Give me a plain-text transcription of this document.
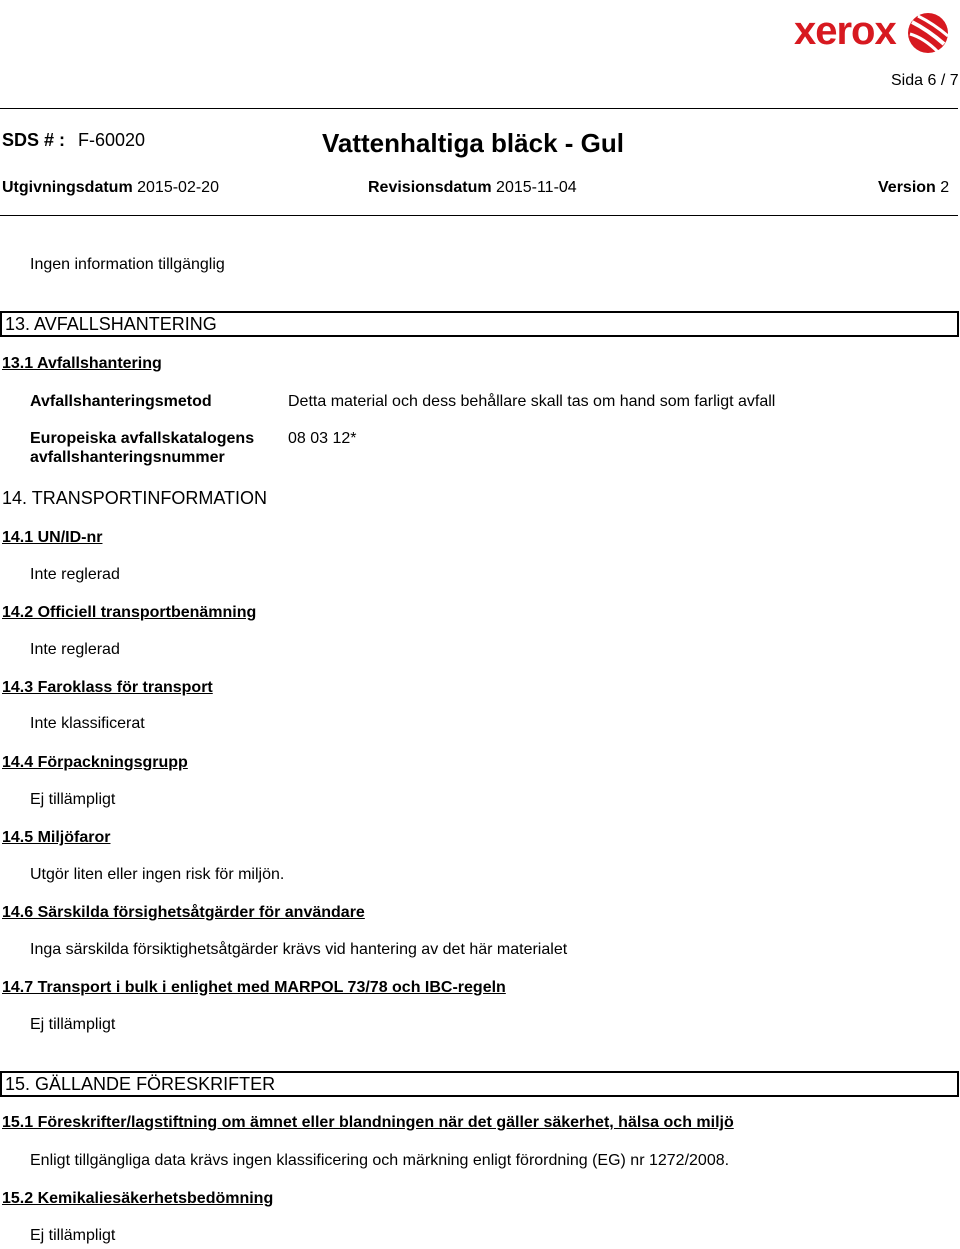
xerox
Sida 6 / 7
SDS # : F-60020	Vattenhaltiga bläck - Gul
Utgivningsdatum 2015-02-20	Revisionsdatum 2015-11-04	Version 2
Ingen information tillgänglig
13. AVFALLSHANTERING
13.1 Avfallshantering
Avfallshanteringsmetod	Detta material och dess behållare skall tas om hand som farligt avfall
Europeiska avfallskatalogens
avfallshanteringsnummer
08 03 12*
14. TRANSPORTINFORMATION
14.1 UN/ID-nr
Inte reglerad
14.2 Officiell transportbenämning
Inte reglerad
14.3 Faroklass för transport
Inte klassificerat
14.4 Förpackningsgrupp
Ej tillämpligt
14.5 Miljöfaror
Utgör liten eller ingen risk för miljön.
14.6 Särskilda försighetsåtgärder för användare
Inga särskilda försiktighetsåtgärder krävs vid hantering av det här materialet
14.7 Transport i bulk i enlighet med MARPOL 73/78 och IBC-regeln
Ej tillämpligt
15. GÄLLANDE FÖRESKRIFTER
15.1 Föreskrifter/lagstiftning om ämnet eller blandningen när det gäller säkerhet, hälsa och miljö
Enligt tillgängliga data krävs ingen klassificering och märkning enligt förordning (EG) nr 1272/2008.
15.2 Kemikaliesäkerhetsbedömning
Ej tillämpligt
